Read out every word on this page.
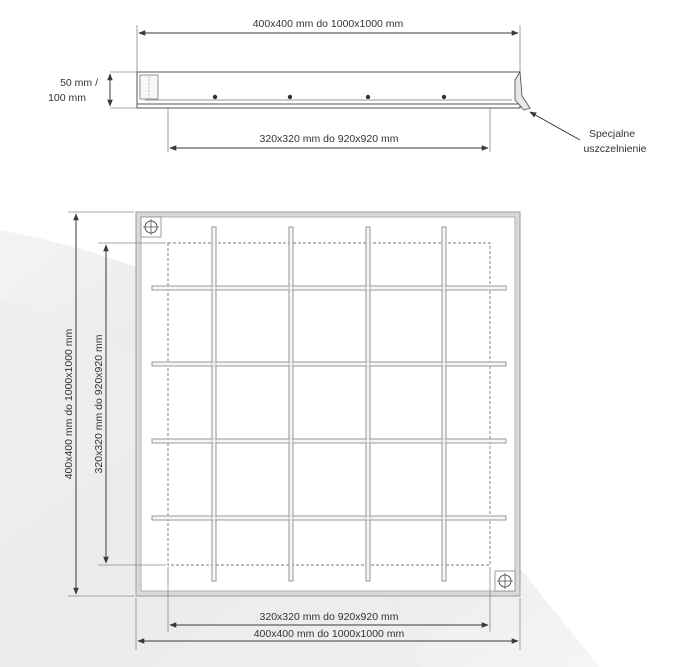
400x400 mm do 1000x1000 mm
50 mm /
100 mm
320x320 mm do 920x920 mm	Specjalne
uszczelnienie
400x400 mm do 1000x1000 mm 320x320 mm do 920x920 mm
320x320 mm do 920x920 mm
400x400 mm do 1000x1000 mm
